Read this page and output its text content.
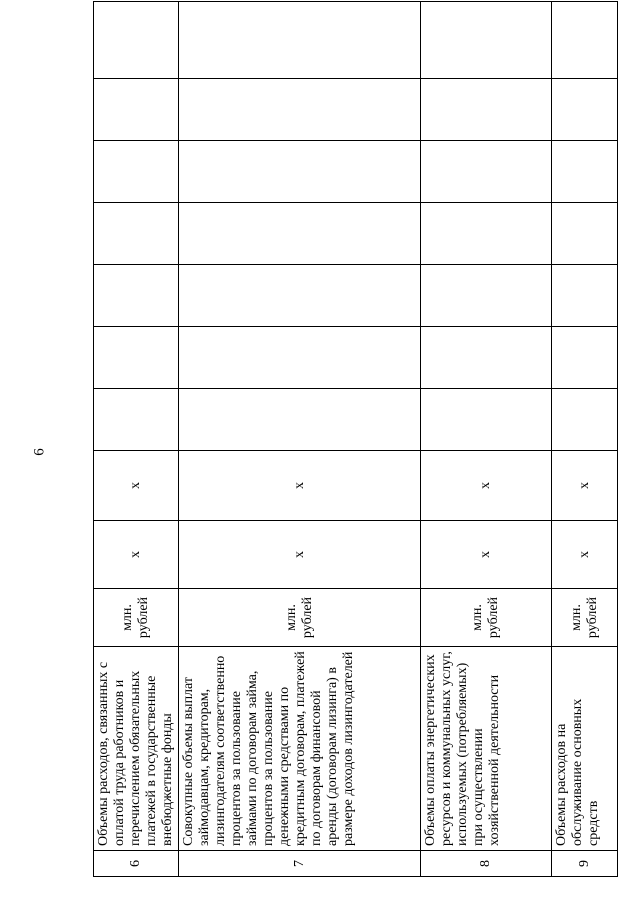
6
6	Объемы расходов, связанных с оплатой труда работников и перечислением обязательных платежей в государственные внебюджетные фонды	млн. рублей	x	x							
7	Совокупные объемы выплат займодавцам, кредиторам, лизингодателям соответственно процентов за пользование займами по договорам займа, процентов за пользование денежными средствами по кредитным договорам, платежей по договорам финансовой аренды (договорам лизинга) в размере доходов лизингодателей	млн. рублей	x	x							
8	Объемы оплаты энергетических ресурсов и коммунальных услуг, используемых (потребляемых) при осуществлении хозяйственной деятельности	млн. рублей	x	x							
9	Объемы расходов на обслуживание основных средств	млн. рублей	x	x							
